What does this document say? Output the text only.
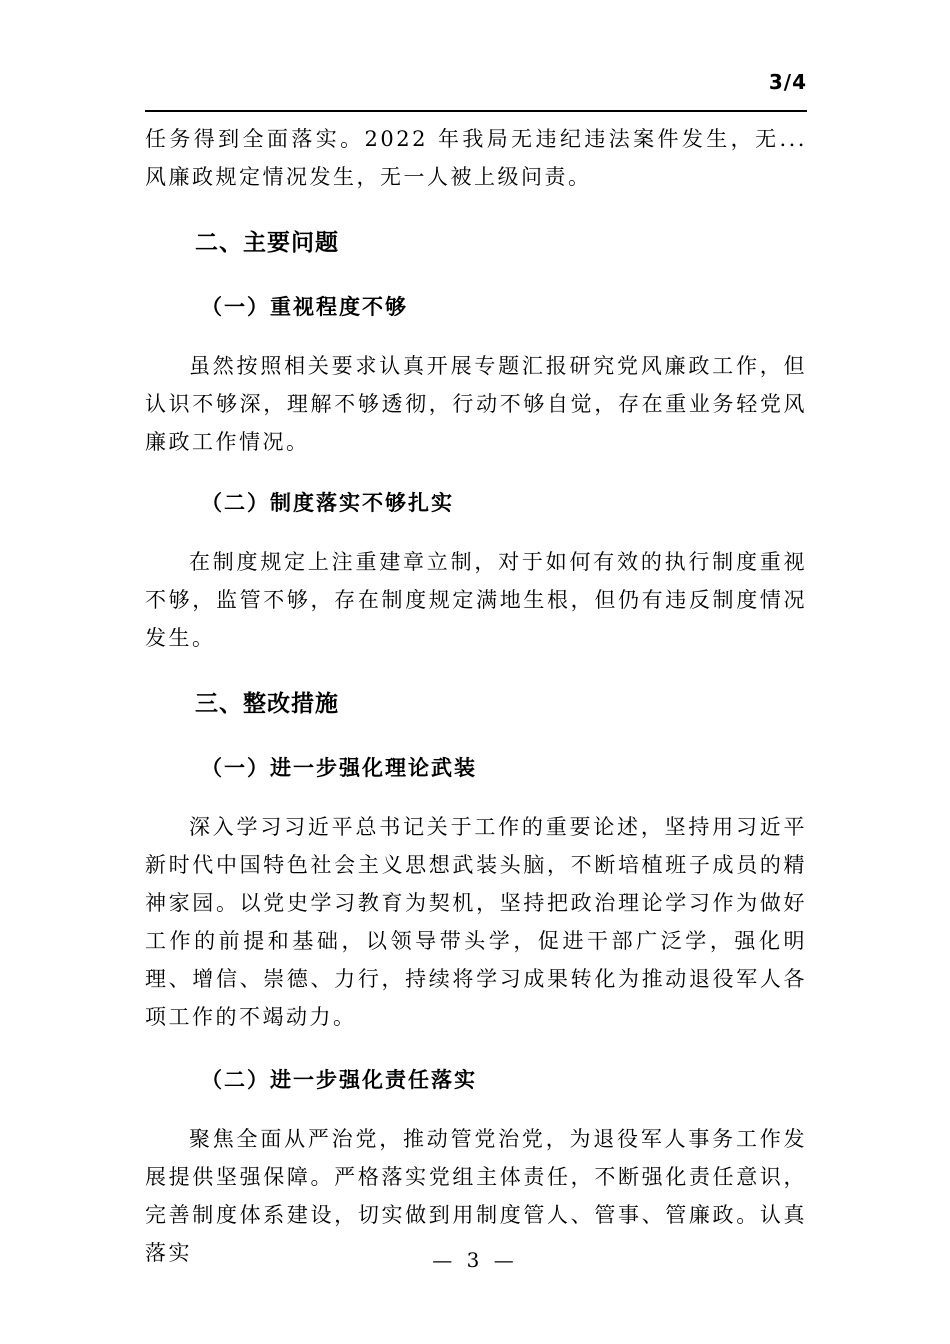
3/4

任务得到全面落实。2022 年我局无违纪违法案件发生，无...风廉政规定情况发生，无一人被上级问责。

二、主要问题
（一）重视程度不够

虽然按照相关要求认真开展专题汇报研究党风廉政工作，但认识不够深，理解不够透彻，行动不够自觉，存在重业务轻党风廉政工作情况。

（二）制度落实不够扎实

在制度规定上注重建章立制，对于如何有效的执行制度重视不够，监管不够，存在制度规定满地生根，但仍有违反制度情况发生。

三、整改措施
（一）进一步强化理论武装

深入学习习近平总书记关于工作的重要论述，坚持用习近平新时代中国特色社会主义思想武装头脑，不断培植班子成员的精神家园。以党史学习教育为契机，坚持把政治理论学习作为做好工作的前提和基础，以领导带头学，促进干部广泛学，强化明理、增信、崇德、力行，持续将学习成果转化为推动退役军人各项工作的不竭动力。

（二）进一步强化责任落实

聚焦全面从严治党，推动管党治党，为退役军人事务工作发展提供坚强保障。严格落实党组主体责任，不断强化责任意识，完善制度体系建设，切实做到用制度管人、管事、管廉政。认真落实	— 3 —
